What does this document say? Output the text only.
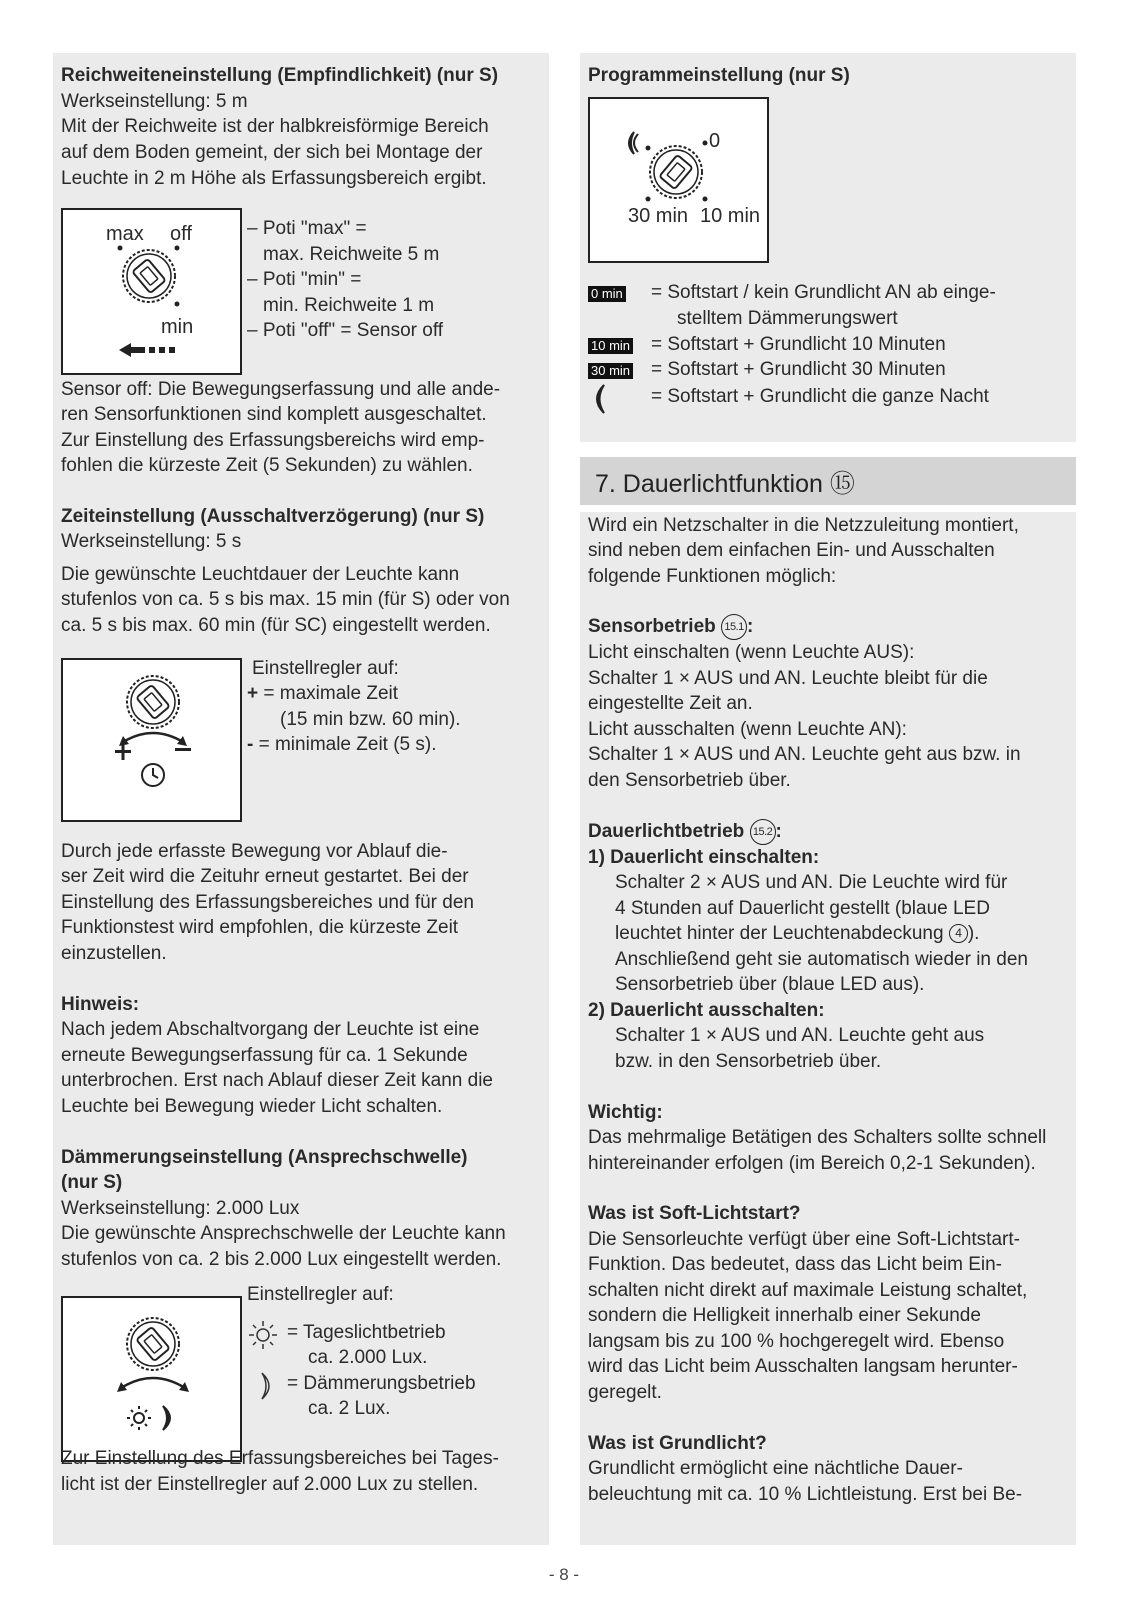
Reichweiteneinstellung (Empfindlichkeit) (nur S)
Werkseinstellung: 5 m
Mit der Reichweite ist der halbkreisförmige Bereich
auf dem Boden gemeint, der sich bei Montage der
Leuchte in 2 m Höhe als Erfassungsbereich ergibt.
max off
min
– Poti "max" =
max. Reichweite 5 m
– Poti "min" =
min. Reichweite 1 m
– Poti "off" = Sensor off
Sensor off: Die Bewegungserfassung und alle ande-
ren Sensorfunktionen sind komplett ausgeschaltet.
Zur Einstellung des Erfassungsbereichs wird emp-
fohlen die kürzeste Zeit (5 Sekunden) zu wählen.
Zeiteinstellung (Ausschaltverzögerung) (nur S)
Werkseinstellung: 5 s
Die gewünschte Leuchtdauer der Leuchte kann
stufenlos von ca. 5 s bis max. 15 min (für S) oder von
ca. 5 s bis max. 60 min (für SC) eingestellt werden.
Einstellregler auf:
+ = maximale Zeit
(15 min bzw. 60 min).
- = minimale Zeit (5 s).
Durch jede erfasste Bewegung vor Ablauf die-
ser Zeit wird die Zeituhr erneut gestartet. Bei der
Einstellung des Erfassungsbereiches und für den
Funktionstest wird empfohlen, die kürzeste Zeit
einzustellen.
Hinweis:
Nach jedem Abschaltvorgang der Leuchte ist eine
erneute Bewegungserfassung für ca. 1 Sekunde
unterbrochen. Erst nach Ablauf dieser Zeit kann die
Leuchte bei Bewegung wieder Licht schalten.
Dämmerungseinstellung (Ansprechschwelle)
(nur S)
Werkseinstellung: 2.000 Lux
Die gewünschte Ansprechschwelle der Leuchte kann
stufenlos von ca. 2 bis 2.000 Lux eingestellt werden.
Einstellregler auf:
= Tageslichtbetrieb
ca. 2.000 Lux.
= Dämmerungsbetrieb
ca. 2 Lux.
Zur Einstellung des Erfassungsbereiches bei Tages-
licht ist der Einstellregler auf 2.000 Lux zu stellen.
Programmeinstellung (nur S)
0
30 min 10 min
0 min = Softstart / kein Grundlicht AN ab einge-
stelltem Dämmerungswert
10 min = Softstart + Grundlicht 10 Minuten
30 min = Softstart + Grundlicht 30 Minuten
= Softstart + Grundlicht die ganze Nacht
7. Dauerlichtfunktion ⑮
Wird ein Netzschalter in die Netzzuleitung montiert,
sind neben dem einfachen Ein- und Ausschalten
folgende Funktionen möglich:
Sensorbetrieb 15.1 :
Licht einschalten (wenn Leuchte AUS):
Schalter 1 × AUS und AN. Leuchte bleibt für die
eingestellte Zeit an.
Licht ausschalten (wenn Leuchte AN):
Schalter 1 × AUS und AN. Leuchte geht aus bzw. in
den Sensorbetrieb über.
Dauerlichtbetrieb 15.2 :
1) Dauerlicht einschalten:
Schalter 2 × AUS und AN. Die Leuchte wird für
4 Stunden auf Dauerlicht gestellt (blaue LED
leuchtet hinter der Leuchtenabdeckung 4 ).
Anschließend geht sie automatisch wieder in den
Sensorbetrieb über (blaue LED aus).
2) Dauerlicht ausschalten:
Schalter 1 × AUS und AN. Leuchte geht aus
bzw. in den Sensorbetrieb über.
Wichtig:
Das mehrmalige Betätigen des Schalters sollte schnell
hintereinander erfolgen (im Bereich 0,2-1 Sekunden).
Was ist Soft-Lichtstart?
Die Sensorleuchte verfügt über eine Soft-Lichtstart-
Funktion. Das bedeutet, dass das Licht beim Ein-
schalten nicht direkt auf maximale Leistung schaltet,
sondern die Helligkeit innerhalb einer Sekunde
langsam bis zu 100 % hochgeregelt wird. Ebenso
wird das Licht beim Ausschalten langsam herunter-
geregelt.
Was ist Grundlicht?
Grundlicht ermöglicht eine nächtliche Dauer-
beleuchtung mit ca. 10 % Lichtleistung. Erst bei Be-
- 8 -
